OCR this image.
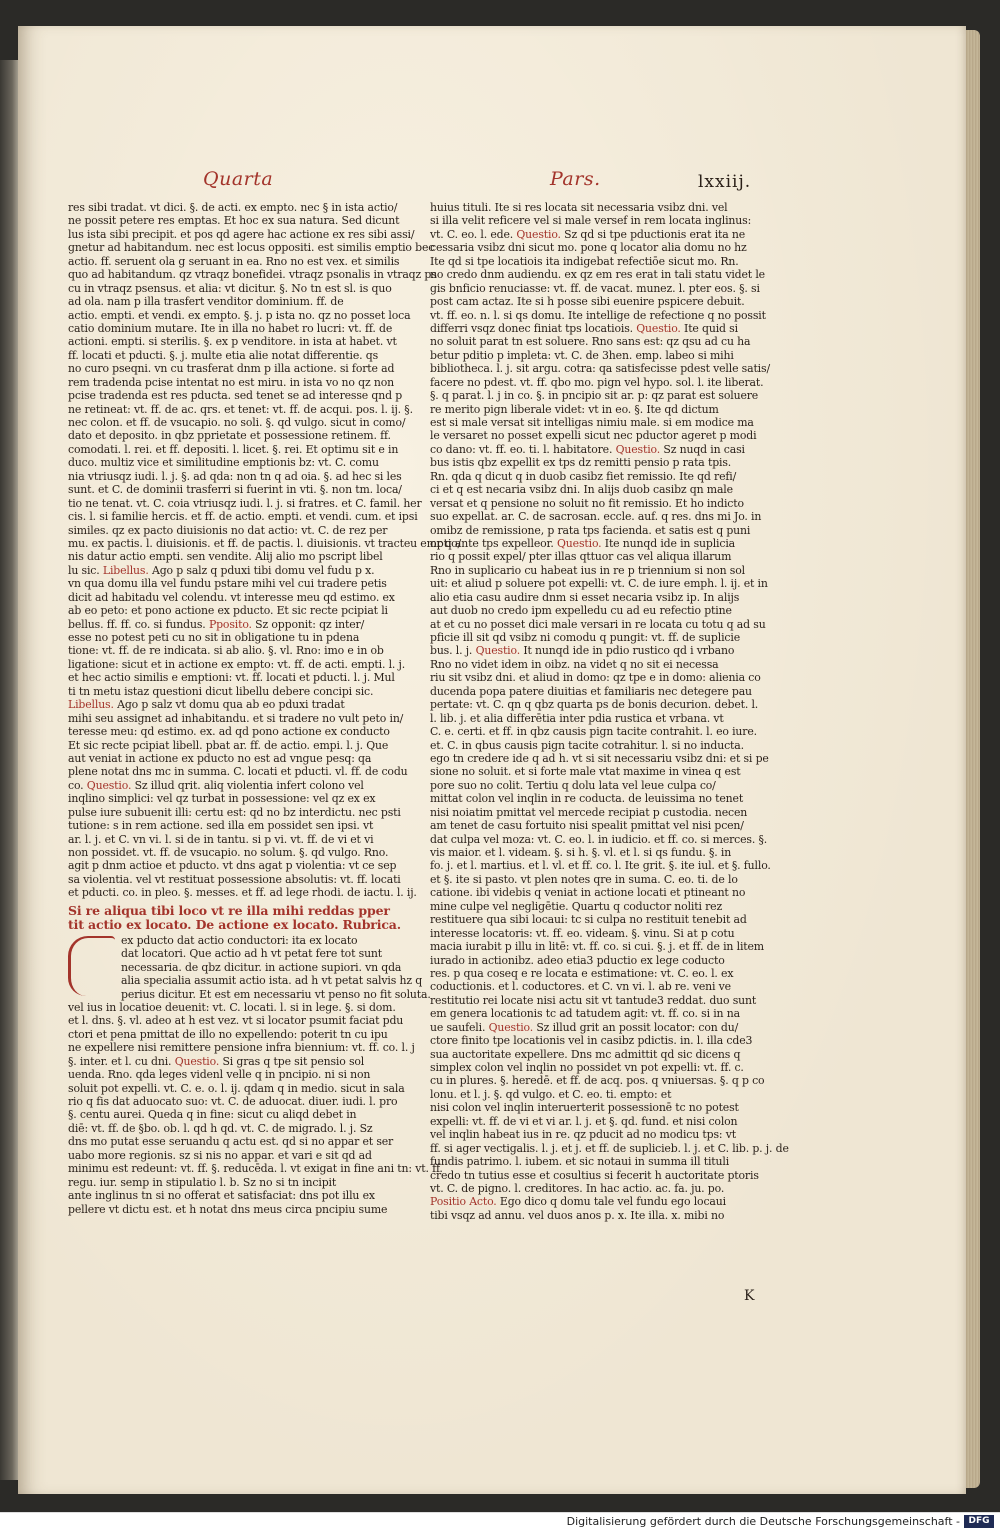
Quarta	Pars.	lxxiij.
res sibi tradat. vt dici. §. de acti. ex empto. nec § in ista actio/
ne possit petere res emptas. Et hoc ex sua natura. Sed dicunt
lus ista sibi precipit. et pos qd agere hac actione ex res sibi assi/
gnetur ad habitandum. nec est locus oppositi. est similis emptio bec
actio. ff. seruent ola g seruant in ea. Rno no est vex. et similis
quo ad habitandum. qz vtraqz bonefidei. vtraqz psonalis in vtraqz ps
cu in vtraqz psensus. et alia: vt dicitur. §. No tn est sl. is quo
ad ola. nam p illa trasfert venditor dominium. ff. de
actio. empti. et vendi. ex empto. §. j. p ista no. qz no posset loca
catio dominium mutare. Ite in illa no habet ro lucri: vt. ff. de
actioni. empti. si sterilis. §. ex p venditore. in ista at habet. vt
ff. locati et pducti. §. j. multe etia alie notat differentie. qs
no curo pseqni. vn cu trasferat dnm p illa actione. si forte ad
rem tradenda pcise intentat no est miru. in ista vo no qz non
pcise tradenda est res pducta. sed tenet se ad interesse qnd p
ne retineat: vt. ff. de ac. qrs. et tenet: vt. ff. de acqui. pos. l. ij. §.
nec colon. et ff. de vsucapio. no soli. §. qd vulgo. sicut in como/
dato et deposito. in qbz pprietate et possessione retinem. ff.
comodati. l. rei. et ff. depositi. l. licet. §. rei. Et optimu sit e in
duco. multiz vice et similitudine emptionis bz: vt. C. comu
nia vtriusqz iudi. l. j. §. ad qda: non tn q ad oia. §. ad hec si les
sunt. et C. de dominii trasferri si fuerint in vti. §. non tm. loca/
tio ne tenat. vt. C. coia vtriusqz iudi. l. j. si fratres. et C. famil. her
cis. l. si familie hercis. et ff. de actio. empti. et vendi. cum. et ipsi
similes. qz ex pacto diuisionis no dat actio: vt. C. de rez per
mu. ex pactis. l. diuisionis. et ff. de pactis. l. diuisionis. vt tracteu emptio/
nis datur actio empti. sen vendite. Alij alio mo pscript libel
lu sic. Libellus. Ago p salz q pduxi tibi domu vel fudu p x.
vn qua domu illa vel fundu pstare mihi vel cui tradere petis
dicit ad habitadu vel colendu. vt interesse meu qd estimo. ex
ab eo peto: et pono actione ex pducto. Et sic recte pcipiat li
bellus. ff. ff. co. si fundus. Pposito. Sz opponit: qz inter/
esse no potest peti cu no sit in obligatione tu in pdena
tione: vt. ff. de re indicata. si ab alio. §. vl. Rno: imo e in ob
ligatione: sicut et in actione ex empto: vt. ff. de acti. empti. l. j.
et hec actio similis e emptioni: vt. ff. locati et pducti. l. j. Mul
ti tn metu istaz questioni dicut libellu debere concipi sic.
Libellus. Ago p salz vt domu qua ab eo pduxi tradat
mihi seu assignet ad inhabitandu. et si tradere no vult peto in/
teresse meu: qd estimo. ex. ad qd pono actione ex conducto
Et sic recte pcipiat libell. pbat ar. ff. de actio. empi. l. j. Que
aut veniat in actione ex pducto no est ad vngue pesq: qa
plene notat dns mc in summa. C. locati et pducti. vl. ff. de codu
co. Questio. Sz illud qrit. aliq violentia infert colono vel
inqlino simplici: vel qz turbat in possessione: vel qz ex ex
pulse iure subuenit illi: certu est: qd no bz interdictu. nec psti
tutione: s in rem actione. sed illa em possidet sen ipsi. vt
ar. l. j. et C. vn vi. l. si de in tantu. si p vi. vt. ff. de vi et vi
non possidet. vt. ff. de vsucapio. no solum. §. qd vulgo. Rno.
agit p dnm actioe et pducto. vt dns agat p violentia: vt ce sep
sa violentia. vel vt restituat possessione absolutis: vt. ff. locati
et pducti. co. in pleo. §. messes. et ff. ad lege rhodi. de iactu. l. ij.
Si re aliqua tibi loco vt re illa mihi reddas pper
tit actio ex locato. De actione ex locato. Rubrica.
ex pducto dat actio conductori: ita ex locato
dat locatori. Que actio ad h vt petat fere tot sunt
necessaria. de qbz dicitur. in actione supiori. vn qda
alia specialia assumit actio ista. ad h vt petat salvis hz q
perius dicitur. Et est em necessariu vt penso no fit soluta.
vel ius in locatioe deuenit: vt. C. locati. l. si in lege. §. si dom.
et l. dns. §. vl. adeo at h est vez. vt si locator psumit faciat pdu
ctori et pena pmittat de illo no expellendo: poterit tn cu ipu
ne expellere nisi remittere pensione infra biennium: vt. ff. co. l. j
§. inter. et l. cu dni. Questio. Si gras q tpe sit pensio sol
uenda. Rno. qda leges videnl velle q in pncipio. ni si non
soluit pot expelli. vt. C. e. o. l. ij. qdam q in medio. sicut in sala
rio q fis dat aduocato suo: vt. C. de aduocat. diuer. iudi. l. pro
§. centu aurei. Queda q in fine: sicut cu aliqd debet in
diē: vt. ff. de §bo. ob. l. qd h qd. vt. C. de migrado. l. j. Sz
dns mo putat esse seruandu q actu est. qd si no appar et ser
uabo more regionis. sz si nis no appar. et vari e sit qd ad
minimu est redeunt: vt. ff. §. reducēda. l. vt exigat in fine ani tn: vt. ff.
regu. iur. semp in stipulatio l. b. Sz no si tn incipit
ante inglinus tn si no offerat et satisfaciat: dns pot illu ex
pellere vt dictu est. et h notat dns meus circa pncipiu sume
huius tituli. Ite si res locata sit necessaria vsibz dni. vel
si illa velit reficere vel si male versef in rem locata inglinus:
vt. C. eo. l. ede. Questio. Sz qd si tpe pductionis erat ita ne
cessaria vsibz dni sicut mo. pone q locator alia domu no hz
Ite qd si tpe locatiois ita indigebat refectiōe sicut mo. Rn.
no credo dnm audiendu. ex qz em res erat in tali statu videt le
gis bnficio renuciasse: vt. ff. de vacat. munez. l. pter eos. §. si
post cam actaz. Ite si h posse sibi euenire pspicere debuit.
vt. ff. eo. n. l. si qs domu. Ite intellige de refectione q no possit
differri vsqz donec finiat tps locatiois. Questio. Ite quid si
no soluit parat tn est soluere. Rno sans est: qz qsu ad cu ha
betur pditio p impleta: vt. C. de 3hen. emp. labeo si mihi
bibliotheca. l. j. sit argu. cotra: qa satisfecisse pdest velle satis/
facere no pdest. vt. ff. qbo mo. pign vel hypo. sol. l. ite liberat.
§. q parat. l. j in co. §. in pncipio sit ar. p: qz parat est soluere
re merito pign liberale videt: vt in eo. §. Ite qd dictum
est si male versat sit intelligas nimiu male. si em modice ma
le versaret no posset expelli sicut nec pductor ageret p modi
co dano: vt. ff. eo. ti. l. habitatore. Questio. Sz nuqd in casi
bus istis qbz expellit ex tps dz remitti pensio p rata tpis.
Rn. qda q dicut q in duob casibz fiet remissio. Ite qd refi/
ci et q est necaria vsibz dni. In alijs duob casibz qn male
versat et q pensione no soluit no fit remissio. Et ho indicto
suo expellat. ar. C. de sacrosan. eccle. auf. q res. dns mi Jo. in
omibz de remissione, p rata tps facienda. et satis est q puni
or q ante tps expelleor. Questio. Ite nunqd ide in suplicia
rio q possit expel/ pter illas qttuor cas vel aliqua illarum
Rno in suplicario cu habeat ius in re p triennium si non sol
uit: et aliud p soluere pot expelli: vt. C. de iure emph. l. ij. et in
alio etia casu audire dnm si esset necaria vsibz ip. In alijs
aut duob no credo ipm expelledu cu ad eu refectio ptine
at et cu no posset dici male versari in re locata cu totu q ad su
pficie ill sit qd vsibz ni comodu q pungit: vt. ff. de suplicie
bus. l. j. Questio. It nunqd ide in pdio rustico qd i vrbano
Rno no videt idem in oibz. na videt q no sit ei necessa
riu sit vsibz dni. et aliud in domo: qz tpe e in domo: alienia co
ducenda popa patere diuitias et familiaris nec detegere pau
pertate: vt. C. qn q qbz quarta ps de bonis decurion. debet. l.
l. lib. j. et alia differētia inter pdia rustica et vrbana. vt
C. e. certi. et ff. in qbz causis pign tacite contrahit. l. eo iure.
et. C. in qbus causis pign tacite cotrahitur. l. si no inducta.
ego tn credere ide q ad h. vt si sit necessariu vsibz dni: et si pe
sione no soluit. et si forte male vtat maxime in vinea q est
pore suo no colit. Tertiu q dolu lata vel leue culpa co/
mittat colon vel inqlin in re coducta. de leuissima no tenet
nisi noiatim pmittat vel mercede recipiat p custodia. necen
am tenet de casu fortuito nisi spealit pmittat vel nisi pcen/
dat culpa vel moza: vt. C. eo. l. in iudicio. et ff. co. si merces. §.
vis maior. et l. videam. §. si h. §. vl. et l. si qs fundu. §. in
fo. j. et l. martius. et l. vl. et ff. co. l. Ite grit. §. ite iul. et §. fullo.
et §. ite si pasto. vt plen notes qre in suma. C. eo. ti. de lo
catione. ibi videbis q veniat in actione locati et ptineant no
mine culpe vel negligētie. Quartu q coductor noliti rez
restituere qua sibi locaui: tc si culpa no restituit tenebit ad
interesse locatoris: vt. ff. eo. videam. §. vinu. Si at p cotu
macia iurabit p illu in litē: vt. ff. co. si cui. §. j. et ff. de in litem
iurado in actionibz. adeo etia3 pductio ex lege coducto
res. p qua coseq e re locata e estimatione: vt. C. eo. l. ex
coductionis. et l. coductores. et C. vn vi. l. ab re. veni ve
restitutio rei locate nisi actu sit vt tantude3 reddat. duo sunt
em genera locationis tc ad tatudem agit: vt. ff. co. si in na
ue saufeli. Questio. Sz illud grit an possit locator: con du/
ctore finito tpe locationis vel in casibz pdictis. in. l. illa cde3
sua auctoritate expellere. Dns mc admittit qd sic dicens q
simplex colon vel inqlin no possidet vn pot expelli: vt. ff. c.
cu in plures. §. heredē. et ff. de acq. pos. q vniuersas. §. q p co
lonu. et l. j. §. qd vulgo. et C. eo. ti. empto: et
nisi colon vel inqlin interuerterit possessionē tc no potest
expelli: vt. ff. de vi et vi ar. l. j. et §. qd. fund. et nisi colon
vel inqlin habeat ius in re. qz pducit ad no modicu tps: vt
ff. si ager vectigalis. l. j. et j. et ff. de suplicieb. l. j. et C. lib. p. j. de
fundis patrimo. l. iubem. et sic notaui in summa ill tituli
credo tn tutius esse et cosultius si fecerit h auctoritate ptoris
vt. C. de pigno. l. creditores. In hac actio. ac. fa. ju. po.
Positio Acto. Ego dico q domu tale vel fundu ego locaui
tibi vsqz ad annu. vel duos anos p. x. Ite illa. x. mibi no
K
Digitalisierung gefördert durch die Deutsche Forschungsgemeinschaft - DFG
